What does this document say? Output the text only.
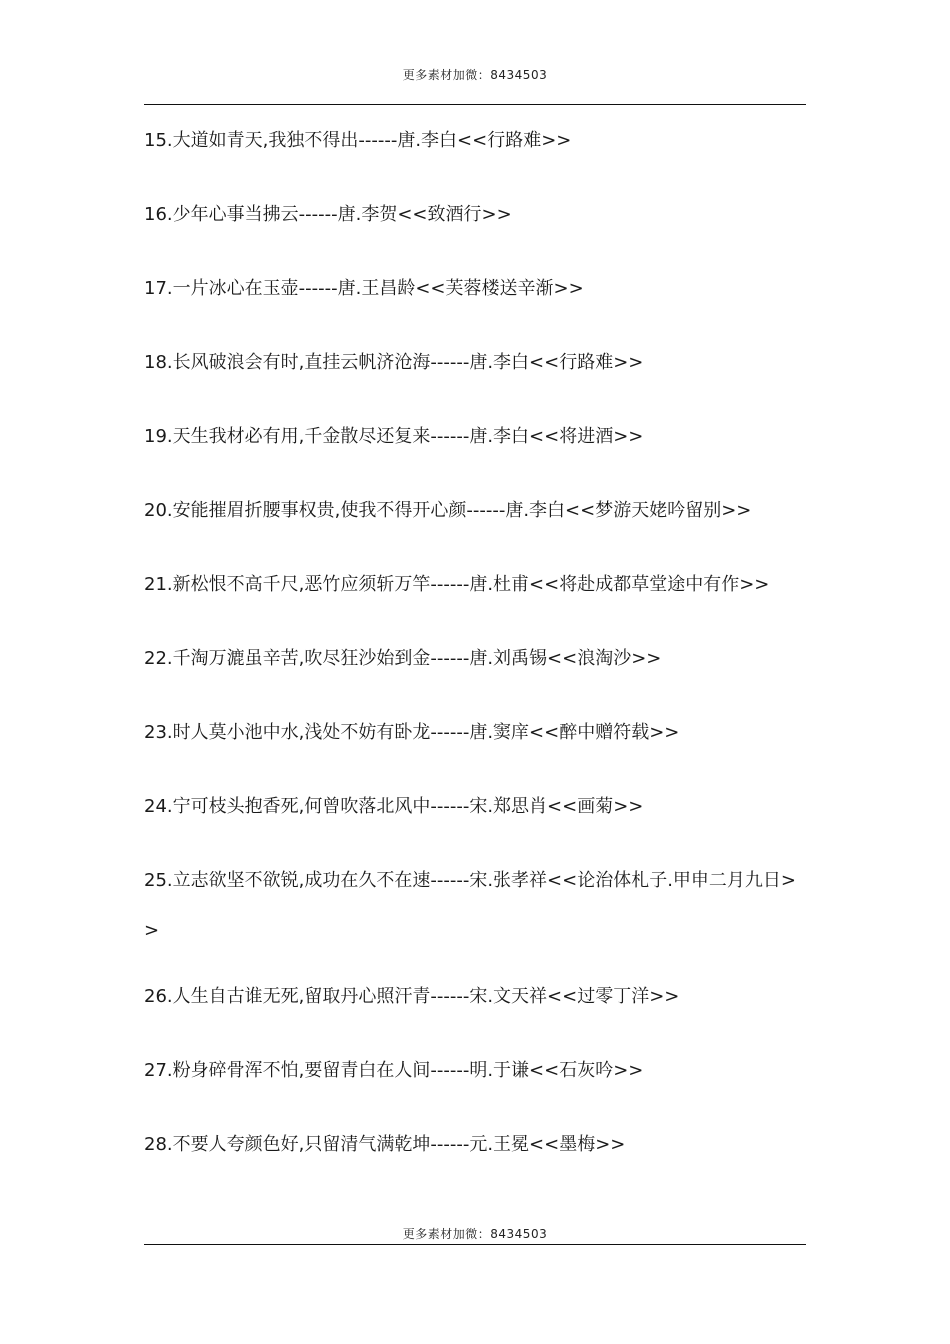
更多素材加微：8434503
15.大道如青天,我独不得出------唐.李白<<行路难>>
16.少年心事当拂云------唐.李贺<<致酒行>>
17.一片冰心在玉壶------唐.王昌龄<<芙蓉楼送辛渐>>
18.长风破浪会有时,直挂云帆济沧海------唐.李白<<行路难>>
19.天生我材必有用,千金散尽还复来------唐.李白<<将进酒>>
20.安能摧眉折腰事权贵,使我不得开心颜------唐.李白<<梦游天姥吟留别>>
21.新松恨不高千尺,恶竹应须斩万竿------唐.杜甫<<将赴成都草堂途中有作>>
22.千淘万漉虽辛苦,吹尽狂沙始到金------唐.刘禹锡<<浪淘沙>>
23.时人莫小池中水,浅处不妨有卧龙------唐.窦庠<<醉中赠符载>>
24.宁可枝头抱香死,何曾吹落北风中------宋.郑思肖<<画菊>>
25.立志欲坚不欲锐,成功在久不在速------宋.张孝祥<<论治体札子.甲申二月九日>>
26.人生自古谁无死,留取丹心照汗青------宋.文天祥<<过零丁洋>>
27.粉身碎骨浑不怕,要留青白在人间------明.于谦<<石灰吟>>
28.不要人夸颜色好,只留清气满乾坤------元.王冕<<墨梅>>
更多素材加微：8434503
